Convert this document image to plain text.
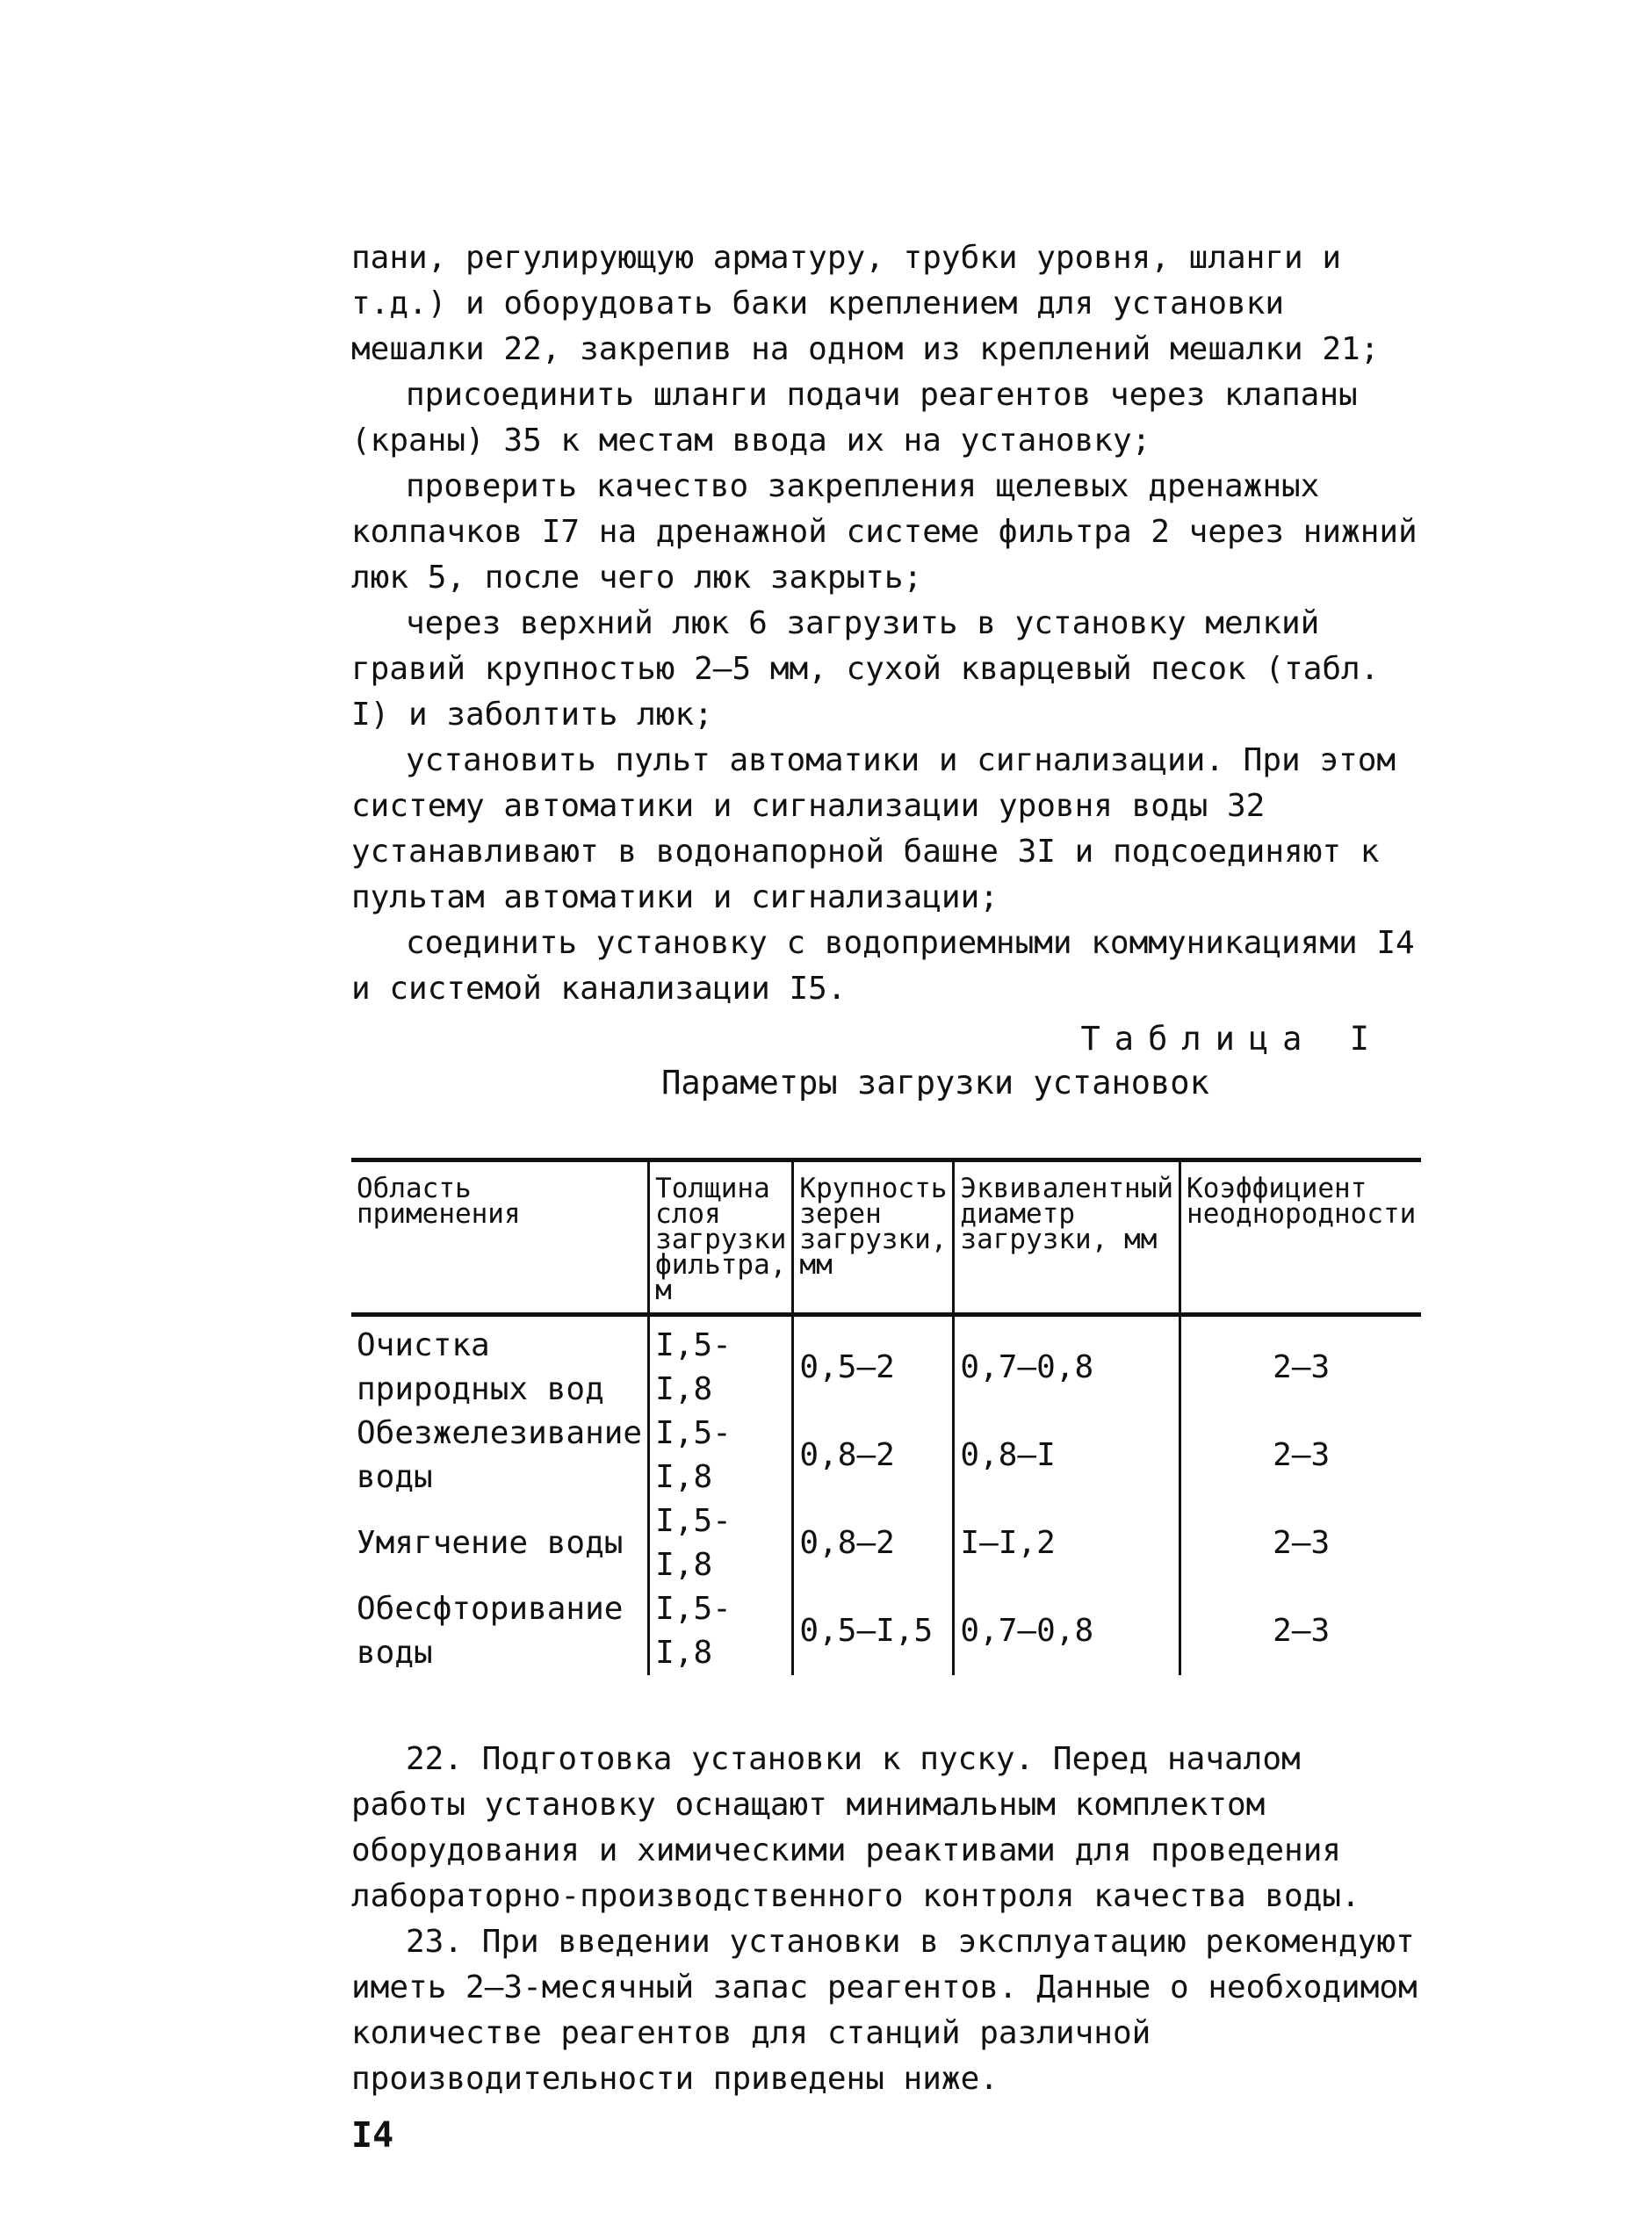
пани, регулирующую арматуру, трубки уровня, шланги и т.д.) и оборудовать баки креплением для установки мешалки 22, закрепив на одном из креплений мешалки 21;

присоединить шланги подачи реагентов через клапаны (краны) 35 к местам ввода их на установку;

проверить качество закрепления щелевых дренажных колпачков I7 на дренажной системе фильтра 2 через нижний люк 5, после чего люк закрыть;

через верхний люк 6 загрузить в установку мелкий гравий крупностью 2–5 мм, сухой кварцевый песок (табл. I) и заболтить люк;

установить пульт автоматики и сигнализации. При этом систему автоматики и сигнализации уровня воды 32 устанавливают в водонапорной башне 3I и подсоединяют к пультам автоматики и сигнализации;

соединить установку с водоприемными коммуникациями I4 и системой канализации I5.

Таблица I
Параметры загрузки установок
Область применения	Толщина слоя загрузки фильтра, м	Крупность зерен загрузки, мм	Эквивалентный диаметр загрузки, мм	Коэффициент неоднородности
Очистка природных вод	I,5-I,8	0,5–2	0,7–0,8	2–3
Обезжелезивание воды	I,5-I,8	0,8–2	0,8–I	2–3
Умягчение воды	I,5-I,8	0,8–2	I–I,2	2–3
Обесфторивание воды	I,5-I,8	0,5–I,5	0,7–0,8	2–3

22. Подготовка установки к пуску. Перед началом работы установку оснащают минимальным комплектом оборудования и химическими реактивами для проведения лабораторно-производственного контроля качества воды.

23. При введении установки в эксплуатацию рекомендуют иметь 2–3-месячный запас реагентов. Данные о необходимом количестве реагентов для станций различной производительности приведены ниже.

I4
